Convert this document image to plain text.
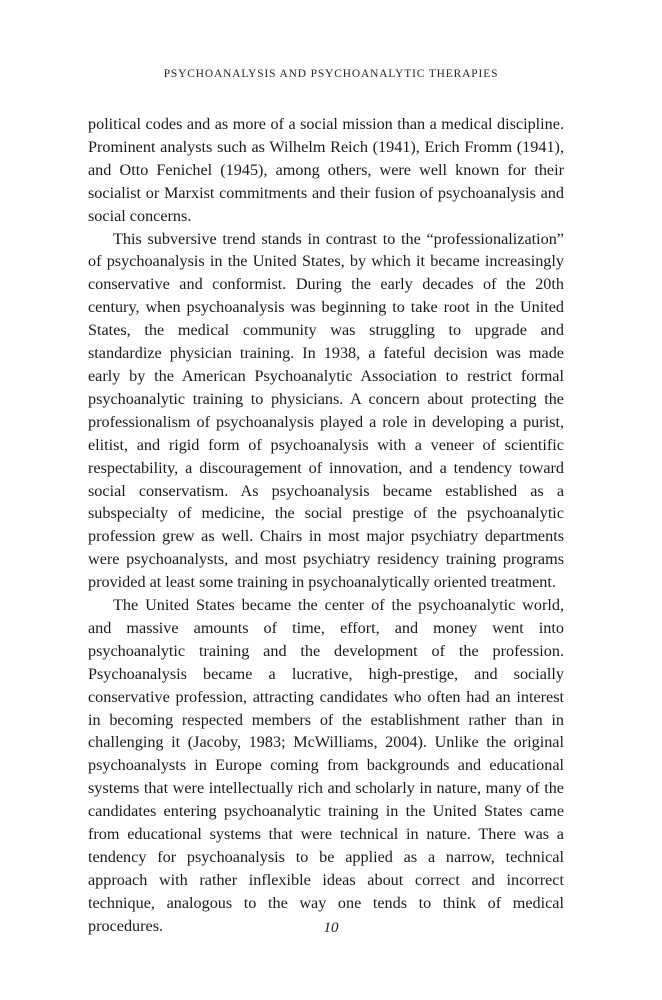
PSYCHOANALYSIS AND PSYCHOANALYTIC THERAPIES

political codes and as more of a social mission than a medical discipline. Prominent analysts such as Wilhelm Reich (1941), Erich Fromm (1941), and Otto Fenichel (1945), among others, were well known for their socialist or Marxist commitments and their fusion of psychoanalysis and social concerns.

This subversive trend stands in contrast to the “professionalization” of psychoanalysis in the United States, by which it became increasingly conservative and conformist. During the early decades of the 20th century, when psychoanalysis was beginning to take root in the United States, the medical community was struggling to upgrade and standardize physician training. In 1938, a fateful decision was made early by the American Psychoanalytic Association to restrict formal psychoanalytic training to physicians. A concern about protecting the professionalism of psychoanalysis played a role in developing a purist, elitist, and rigid form of psychoanalysis with a veneer of scientific respectability, a discouragement of innovation, and a tendency toward social conservatism. As psychoanalysis became established as a subspecialty of medicine, the social prestige of the psychoanalytic profession grew as well. Chairs in most major psychiatry departments were psychoanalysts, and most psychiatry residency training programs provided at least some training in psychoanalytically oriented treatment.

The United States became the center of the psychoanalytic world, and massive amounts of time, effort, and money went into psychoanalytic training and the development of the profession. Psychoanalysis became a lucrative, high-prestige, and socially conservative profession, attracting candidates who often had an interest in becoming respected members of the establishment rather than in challenging it (Jacoby, 1983; McWilliams, 2004). Unlike the original psychoanalysts in Europe coming from backgrounds and educational systems that were intellectually rich and scholarly in nature, many of the candidates entering psychoanalytic training in the United States came from educational systems that were technical in nature. There was a tendency for psychoanalysis to be applied as a narrow, technical approach with rather inflexible ideas about correct and incorrect technique, analogous to the way one tends to think of medical procedures.	10
